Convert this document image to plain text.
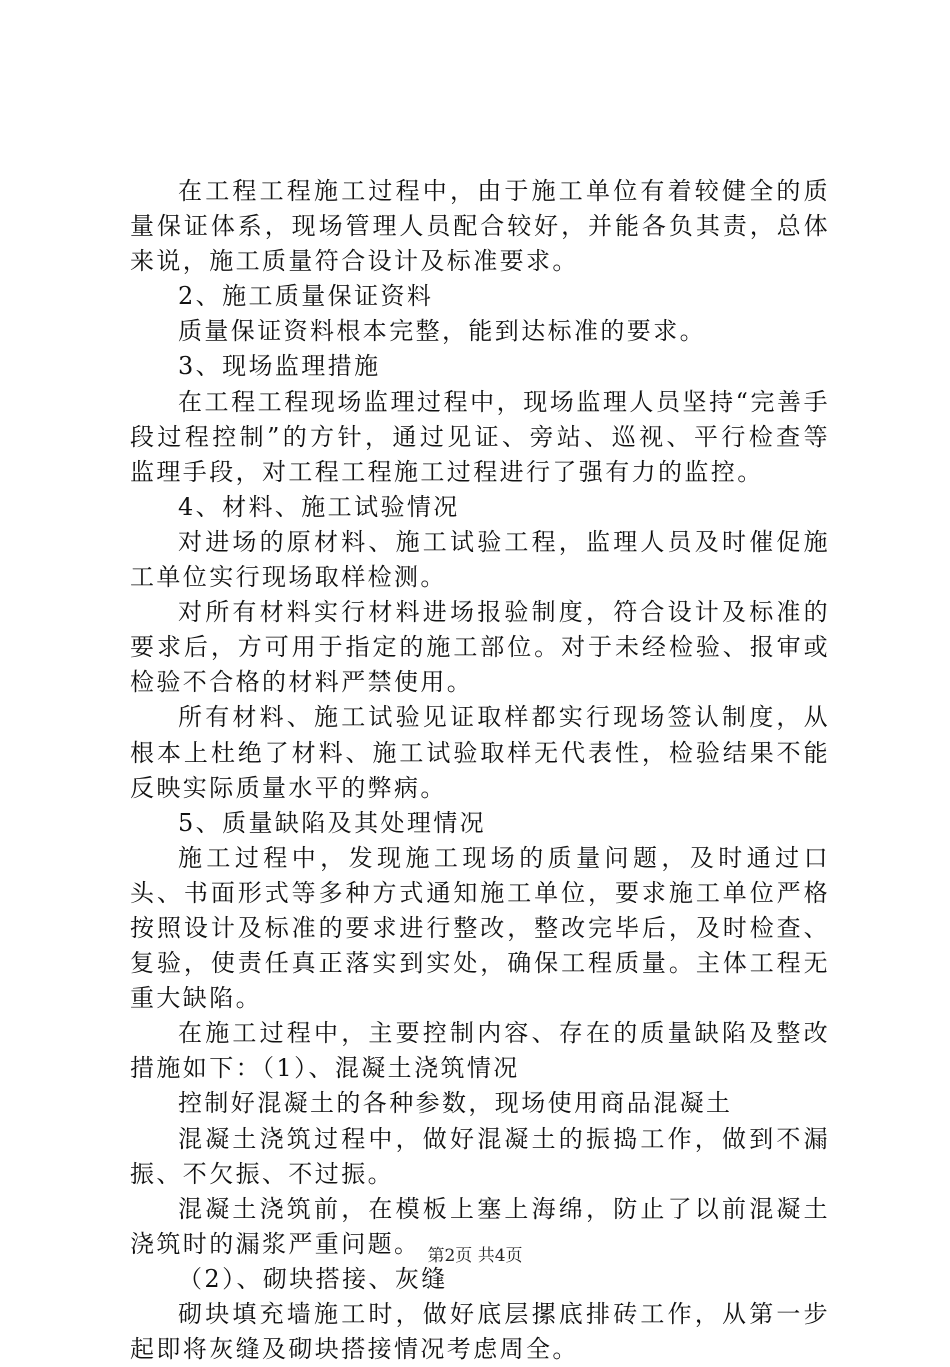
在工程工程施工过程中，由于施工单位有着较健全的质量保证体系，现场管理人员配合较好，并能各负其责，总体来说，施工质量符合设计及标准要求。

2、施工质量保证资料

质量保证资料根本完整，能到达标准的要求。

3、现场监理措施

在工程工程现场监理过程中，现场监理人员坚持“完善手段过程控制”的方针，通过见证、旁站、巡视、平行检查等监理手段，对工程工程施工过程进行了强有力的监控。

4、材料、施工试验情况

对进场的原材料、施工试验工程，监理人员及时催促施工单位实行现场取样检测。

对所有材料实行材料进场报验制度，符合设计及标准的要求后，方可用于指定的施工部位。对于未经检验、报审或检验不合格的材料严禁使用。

所有材料、施工试验见证取样都实行现场签认制度，从根本上杜绝了材料、施工试验取样无代表性，检验结果不能反映实际质量水平的弊病。

5、质量缺陷及其处理情况

施工过程中，发现施工现场的质量问题，及时通过口头、书面形式等多种方式通知施工单位，要求施工单位严格按照设计及标准的要求进行整改，整改完毕后，及时检查、复验，使责任真正落实到实处，确保工程质量。主体工程无重大缺陷。

在施工过程中，主要控制内容、存在的质量缺陷及整改措施如下：（1）、混凝土浇筑情况

控制好混凝土的各种参数，现场使用商品混凝土

混凝土浇筑过程中，做好混凝土的振捣工作，做到不漏振、不欠振、不过振。

混凝土浇筑前，在模板上塞上海绵，防止了以前混凝土浇筑时的漏浆严重问题。

（2）、砌块搭接、灰缝

砌块填充墙施工时，做好底层摞底排砖工作，从第一步起即将灰缝及砌块搭接情况考虑周全。

第2页 共4页
